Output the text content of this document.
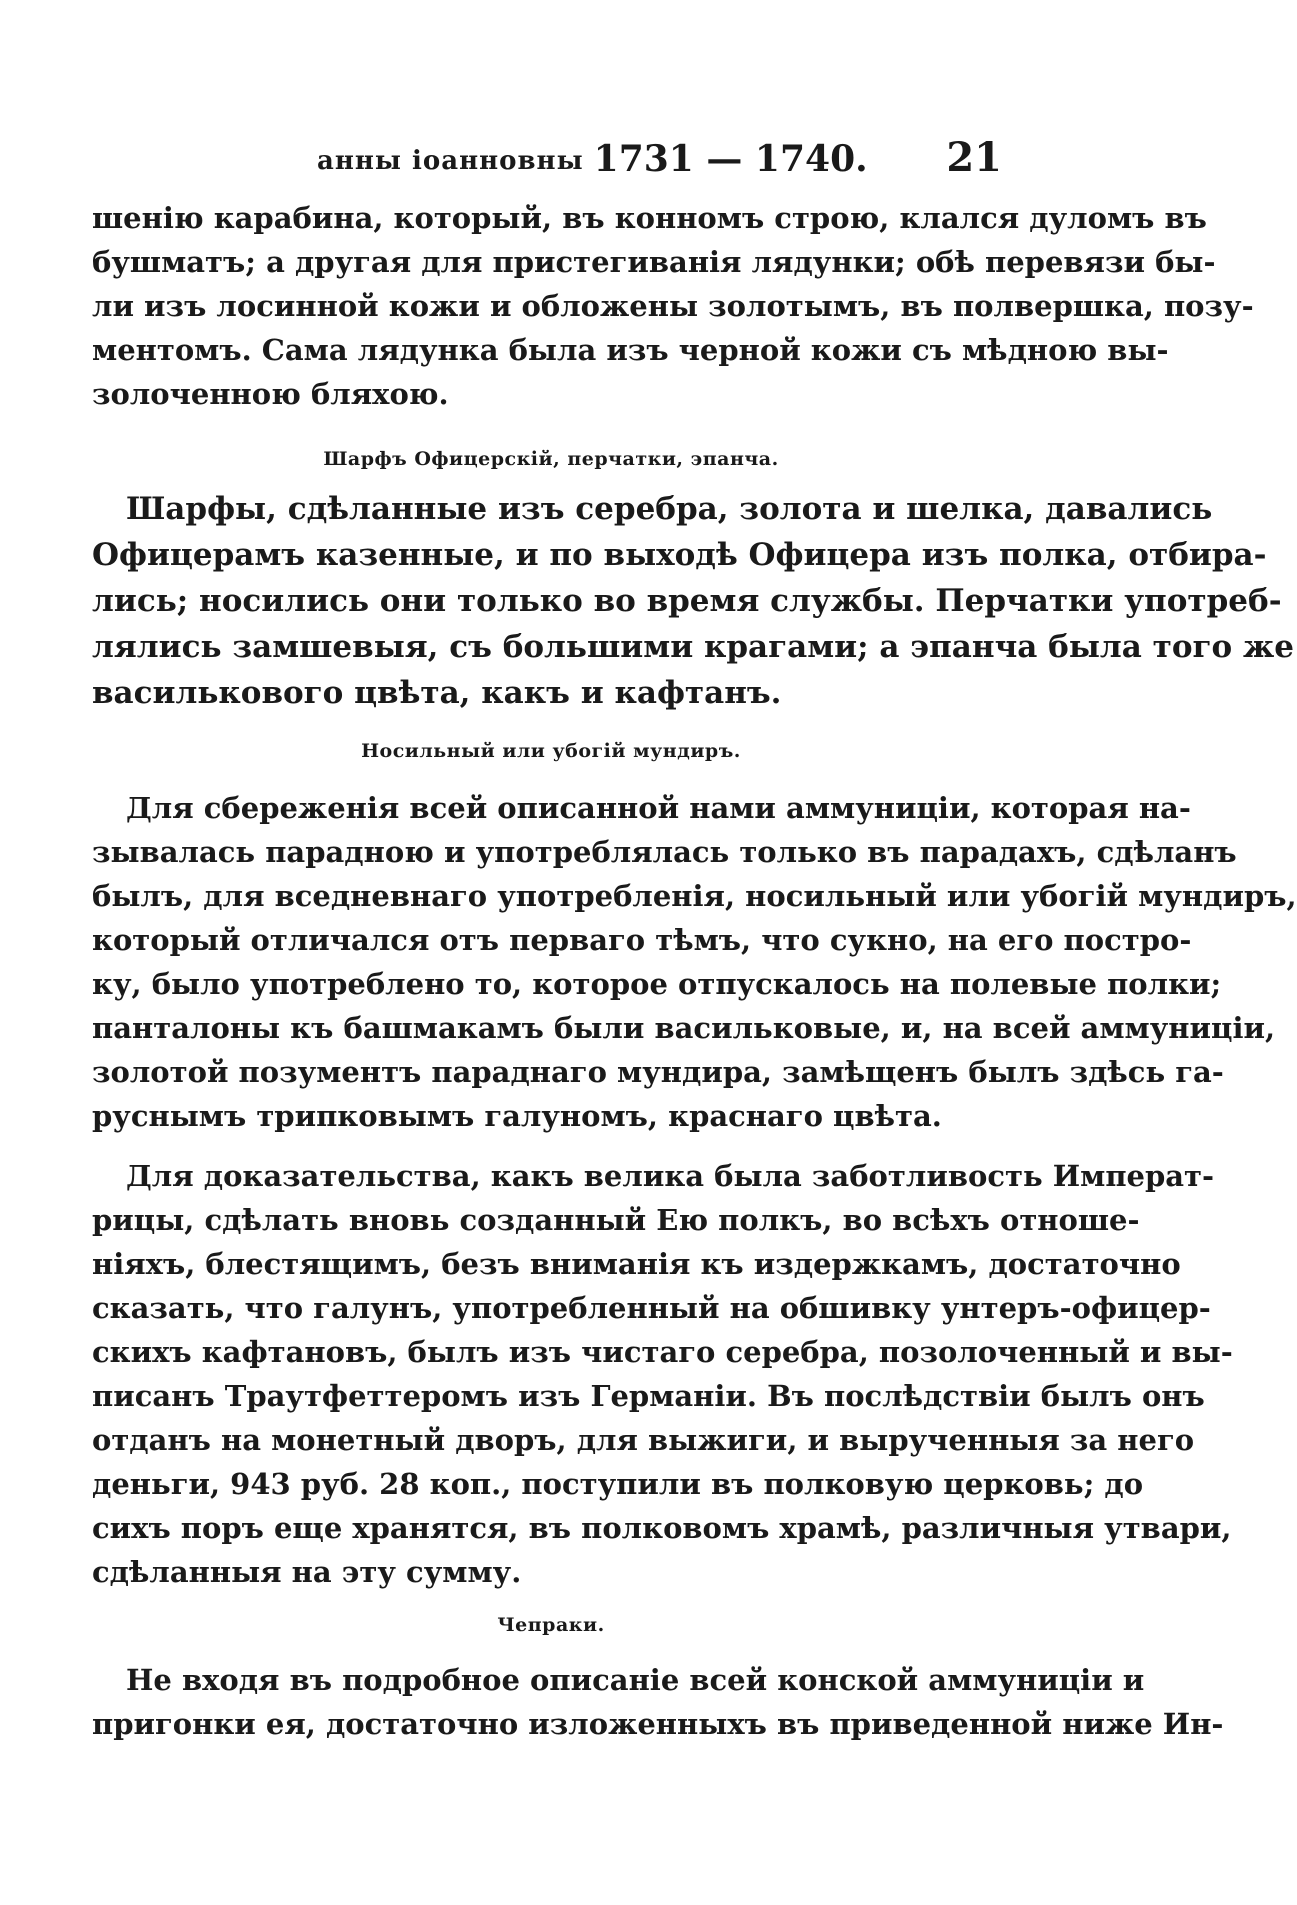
анны іоанновны 1731 — 1740. 21
шенію карабина, который, въ конномъ строю, клался дуломъ въ
бушматъ; а другая для пристегиванія лядунки; обѣ перевязи бы-
ли изъ лосинной кожи и обложены золотымъ, въ полвершка, позу-
ментомъ. Сама лядунка была изъ черной кожи съ мѣдною вы-
золоченною бляхою.
Шарфъ Офицерскій, перчатки, эпанча.
Шарфы, сдѣланные изъ серебра, золота и шелка, давались
Офицерамъ казенные, и по выходѣ Офицера изъ полка, отбира-
лись; носились они только во время службы. Перчатки употреб-
лялись замшевыя, съ большими крагами; а эпанча была того же
василькового цвѣта, какъ и кафтанъ.
Носильный или убогій мундиръ.
Для сбереженія всей описанной нами аммуниціи, которая на-
зывалась парадною и употреблялась только въ парадахъ, сдѣланъ
былъ, для вседневнаго употребленія, носильный или убогій мундиръ,
который отличался отъ перваго тѣмъ, что сукно, на его постро-
ку, было употреблено то, которое отпускалось на полевые полки;
панталоны къ башмакамъ были васильковые, и, на всей аммуниціи,
золотой позументъ параднаго мундира, замѣщенъ былъ здѣсь га-
руснымъ трипковымъ галуномъ, краснаго цвѣта.
Для доказательства, какъ велика была заботливость Императ-
рицы, сдѣлать вновь созданный Ею полкъ, во всѣхъ отноше-
ніяхъ, блестящимъ, безъ вниманія къ издержкамъ, достаточно
сказать, что галунъ, употребленный на обшивку унтеръ-офицер-
скихъ кафтановъ, былъ изъ чистаго серебра, позолоченный и вы-
писанъ Траутфеттеромъ изъ Германіи. Въ послѣдствіи былъ онъ
отданъ на монетный дворъ, для выжиги, и вырученныя за него
деньги, 943 руб. 28 коп., поступили въ полковую церковь; до
сихъ поръ еще хранятся, въ полковомъ храмѣ, различныя утвари,
сдѣланныя на эту сумму.
Чепраки.
Не входя въ подробное описаніе всей конской аммуниціи и
пригонки ея, достаточно изложенныхъ въ приведенной ниже Ин-
